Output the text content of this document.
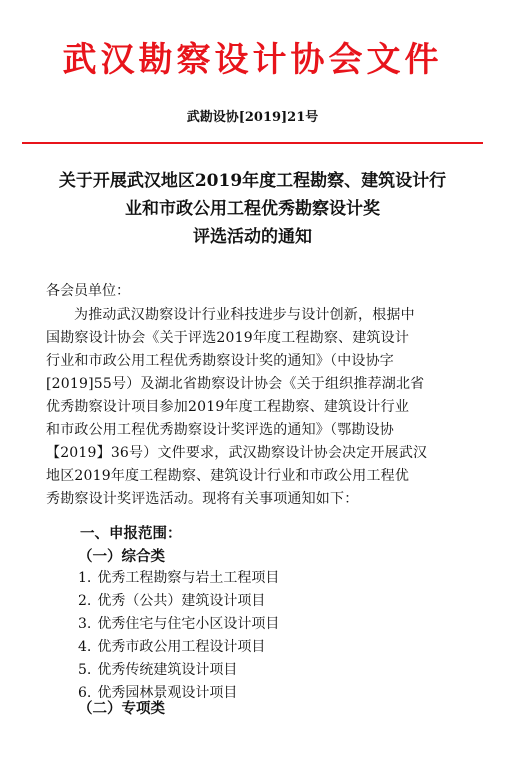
武汉勘察设计协会文件
武勘设协[2019]21号
关于开展武汉地区2019年度工程勘察、建筑设计行
业和市政公用工程优秀勘察设计奖
评选活动的通知
各会员单位：
为推动武汉勘察设计行业科技进步与设计创新，根据中
国勘察设计协会《关于评选2019年度工程勘察、建筑设计
行业和市政公用工程优秀勘察设计奖的通知》（中设协字
[2019]55号）及湖北省勘察设计协会《关于组织推荐湖北省
优秀勘察设计项目参加2019年度工程勘察、建筑设计行业
和市政公用工程优秀勘察设计奖评选的通知》（鄂勘设协
【2019】36号）文件要求，武汉勘察设计协会决定开展武汉
地区2019年度工程勘察、建筑设计行业和市政公用工程优
秀勘察设计奖评选活动。现将有关事项通知如下：
一、申报范围：
（一）综合类
1. 优秀工程勘察与岩土工程项目
2. 优秀（公共）建筑设计项目
3. 优秀住宅与住宅小区设计项目
4. 优秀市政公用工程设计项目
5. 优秀传统建筑设计项目
6. 优秀园林景观设计项目
（二）专项类
